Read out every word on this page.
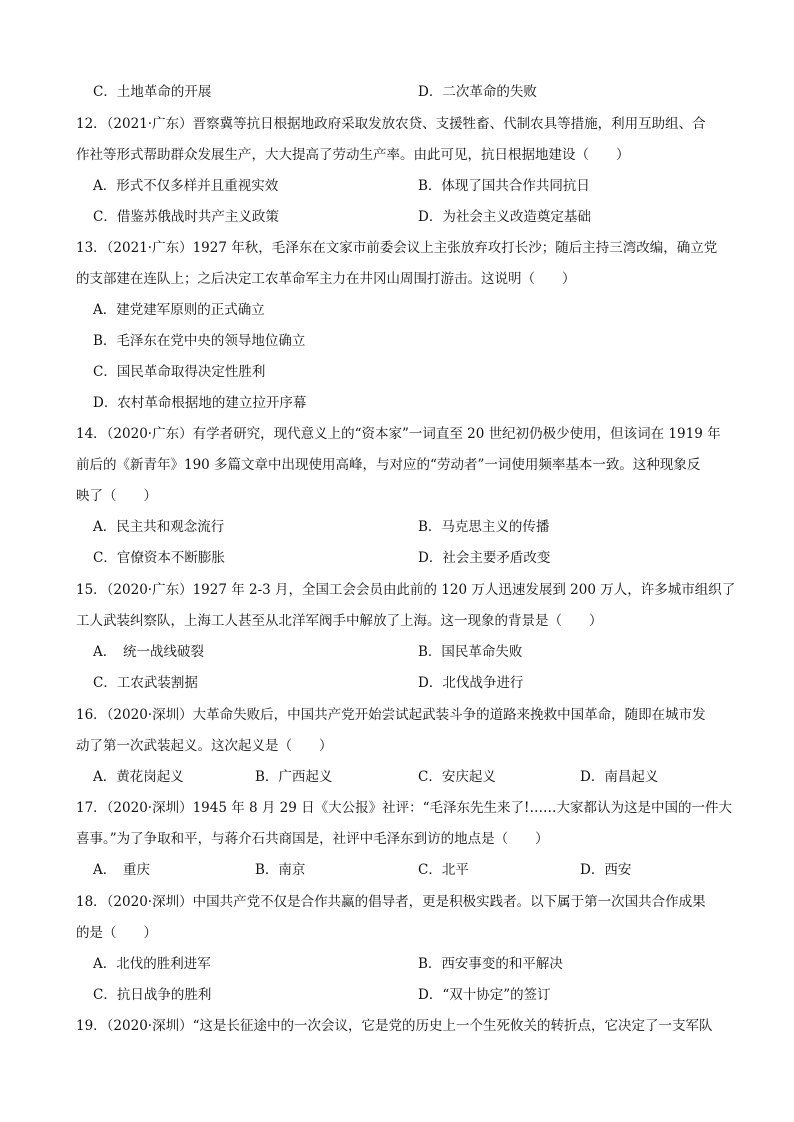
C．土地革命的开展	D．二次革命的失败
12．（2021·广东）晋察冀等抗日根据地政府采取发放农贷、支援牲畜、代制农具等措施，利用互助组、合
作社等形式帮助群众发展生产，大大提高了劳动生产率。由此可见，抗日根据地建设（　　）
A．形式不仅多样并且重视实效	B．体现了国共合作共同抗日
C．借鉴苏俄战时共产主义政策	D．为社会主义改造奠定基础
13．（2021·广东）1927 年秋，毛泽东在文家市前委会议上主张放弃攻打长沙；随后主持三湾改编，确立党
的支部建在连队上；之后决定工农革命军主力在井冈山周围打游击。这说明（　　）
A．建党建军原则的正式确立
B．毛泽东在党中央的领导地位确立
C．国民革命取得决定性胜利
D．农村革命根据地的建立拉开序幕
14．（2020·广东）有学者研究，现代意义上的“资本家”一词直至 20 世纪初仍极少使用，但该词在 1919 年
前后的《新青年》190 多篇文章中出现使用高峰，与对应的“劳动者”一词使用频率基本一致。这种现象反
映了（　　）
A．民主共和观念流行	B．马克思主义的传播
C．官僚资本不断膨胀	D．社会主要矛盾改变
15．（2020·广东）1927 年 2-3 月，全国工会会员由此前的 120 万人迅速发展到 200 万人，许多城市组织了
工人武装纠察队，上海工人甚至从北洋军阀手中解放了上海。这一现象的背景是（　　）
A．　统一战线破裂	B．国民革命失败
C．工农武装割据	D．北伐战争进行
16．（2020·深圳）大革命失败后，中国共产党开始尝试起武装斗争的道路来挽救中国革命，随即在城市发
动了第一次武装起义。这次起义是（　　）
A．黄花岗起义	B．广西起义	C．安庆起义	D．南昌起义
17．（2020·深圳）1945 年 8 月 29 日《大公报》社评：“毛泽东先生来了!……大家都认为这是中国的一件大
喜事。”为了争取和平，与蒋介石共商国是，社评中毛泽东到访的地点是（　　）
A．　重庆	B．南京	C．北平	D．西安
18．（2020·深圳）中国共产党不仅是合作共赢的倡导者，更是积极实践者。以下属于第一次国共合作成果
的是（　　）
A．北伐的胜利进军	B．西安事变的和平解决
C．抗日战争的胜利	D．“双十协定”的签订
19．（2020·深圳）“这是长征途中的一次会议，它是党的历史上一个生死攸关的转折点，它决定了一支军队
